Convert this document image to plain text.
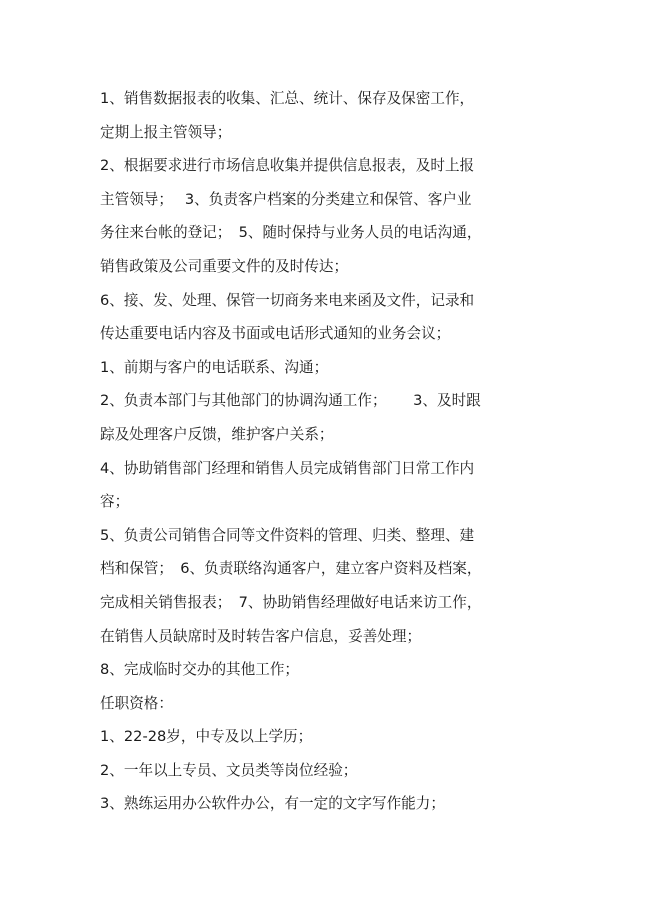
1、销售数据报表的收集、汇总、统计、保存及保密工作，
定期上报主管领导；
2、根据要求进行市场信息收集并提供信息报表，及时上报
主管领导；　 3、负责客户档案的分类建立和保管、客户业
务往来台帐的登记；　5、随时保持与业务人员的电话沟通，
销售政策及公司重要文件的及时传达；
6、接、发、处理、保管一切商务来电来函及文件，记录和
传达重要电话内容及书面或电话形式通知的业务会议；
1、前期与客户的电话联系、沟通；
2、负责本部门与其他部门的协调沟通工作；　 　3、及时跟
踪及处理客户反馈，维护客户关系；
4、协助销售部门经理和销售人员完成销售部门日常工作内
容；
5、负责公司销售合同等文件资料的管理、归类、整理、建
档和保管；　6、负责联络沟通客户，建立客户资料及档案，
完成相关销售报表；　7、协助销售经理做好电话来访工作，
在销售人员缺席时及时转告客户信息，妥善处理；
8、完成临时交办的其他工作；
任职资格：
1、22-28岁，中专及以上学历；
2、一年以上专员、文员类等岗位经验；
3、熟练运用办公软件办公，有一定的文字写作能力；
